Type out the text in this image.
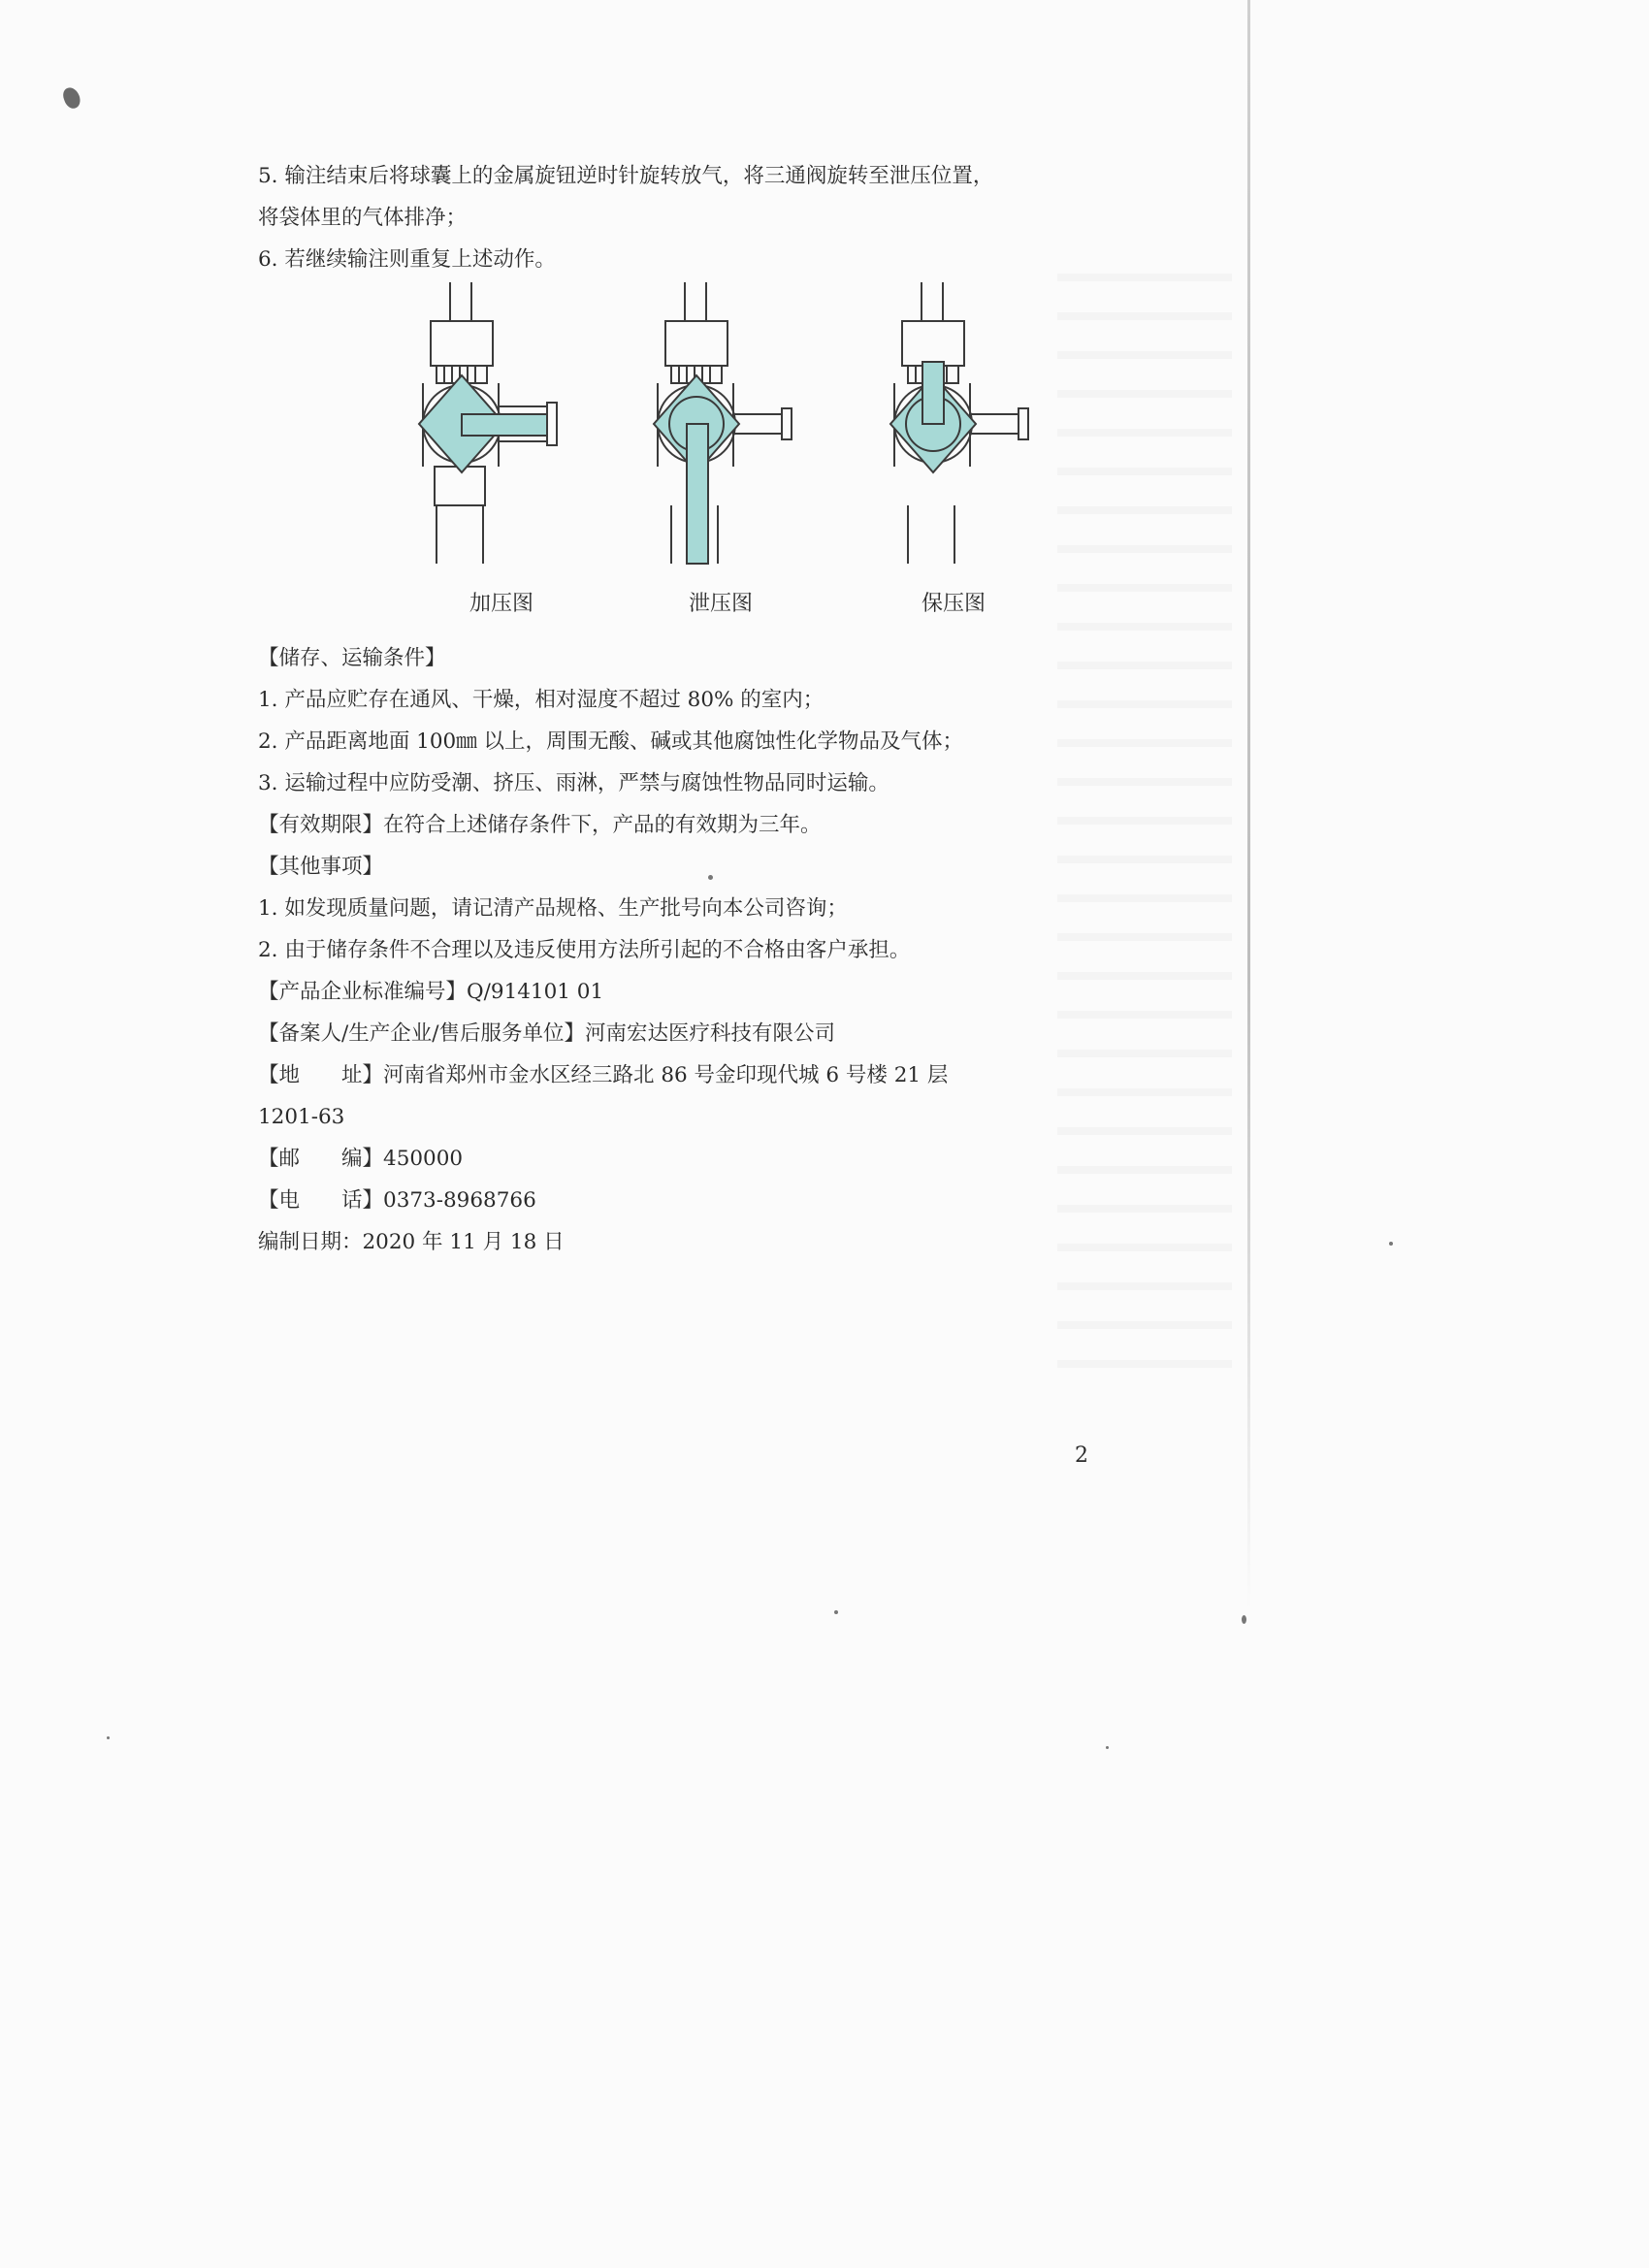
5. 输注结束后将球囊上的金属旋钮逆时针旋转放气，将三通阀旋转至泄压位置，
将袋体里的气体排净；
6. 若继续输注则重复上述动作。
加压图	泄压图	保压图
【储存、运输条件】
1. 产品应贮存在通风、干燥，相对湿度不超过 80% 的室内；
2. 产品距离地面 100㎜ 以上，周围无酸、碱或其他腐蚀性化学物品及气体；
3. 运输过程中应防受潮、挤压、雨淋，严禁与腐蚀性物品同时运输。
【有效期限】在符合上述储存条件下，产品的有效期为三年。
【其他事项】
1. 如发现质量问题，请记清产品规格、生产批号向本公司咨询；
2. 由于储存条件不合理以及违反使用方法所引起的不合格由客户承担。
【产品企业标准编号】Q/914101 01
【备案人/生产企业/售后服务单位】河南宏达医疗科技有限公司
【地　　址】河南省郑州市金水区经三路北 86 号金印现代城 6 号楼 21 层
1201-63
【邮　　编】450000
【电　　话】0373-8968766
编制日期：2020 年 11 月 18 日
2
